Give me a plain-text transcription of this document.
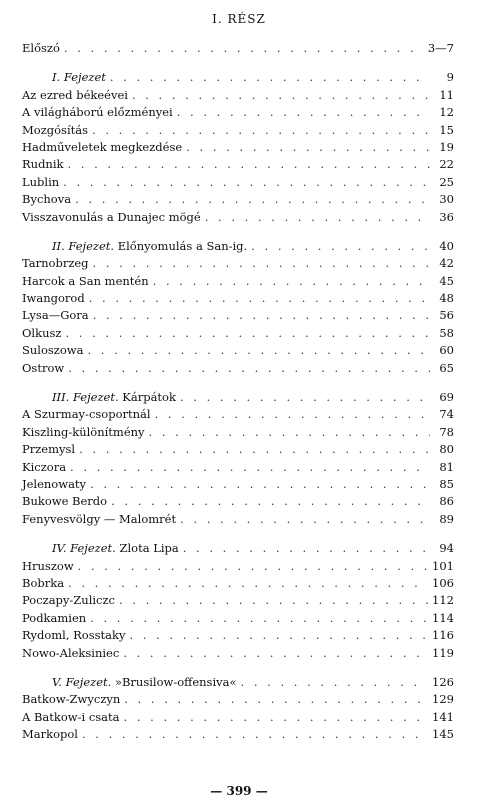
I. RÉSZ
Előszó . . .	3—7
I. Fejezet . . .	9
Az ezred békeévei . . .	11
A világháború előzményei . . .	12
Mozgósítás . . .	15
Hadműveletek megkezdése . . .	19
Rudnik . . .	22
Lublin . . .	25
Bychova . . .	30
Visszavonulás a Dunajec mögé . . .	36
II. Fejezet. Előnyomulás a San-ig. . . .	40
Tarnobrzeg . . .	42
Harcok a San mentén . . .	45
Iwangorod . . .	48
Lysa—Gora . . .	56
Olkusz . . .	58
Suloszowa . . .	60
Ostrow . . .	65
III. Fejezet. Kárpátok . . .	69
A Szurmay-csoportnál . . .	74
Kiszling-különítmény . . .	78
Przemysl . . .	80
Kiczora . . .	81
Jelenowaty . . .	85
Bukowe Berdo . . .	86
Fenyvesvölgy — Malomrét . . .	89
IV. Fejezet. Zlota Lipa . . .	94
Hruszow . . .	101
Bobrka . . .	106
Poczapy-Zuliczc . . .	112
Podkamien . . .	114
Rydoml, Rosstaky . . .	116
Nowo-Aleksiniec . . .	119
V. Fejezet. »Brusilow-offensiva« . . .	126
Batkow-Zwyczyn . . .	129
A Batkow-i csata . . .	141
Markopol . . .	145
— 399 —
